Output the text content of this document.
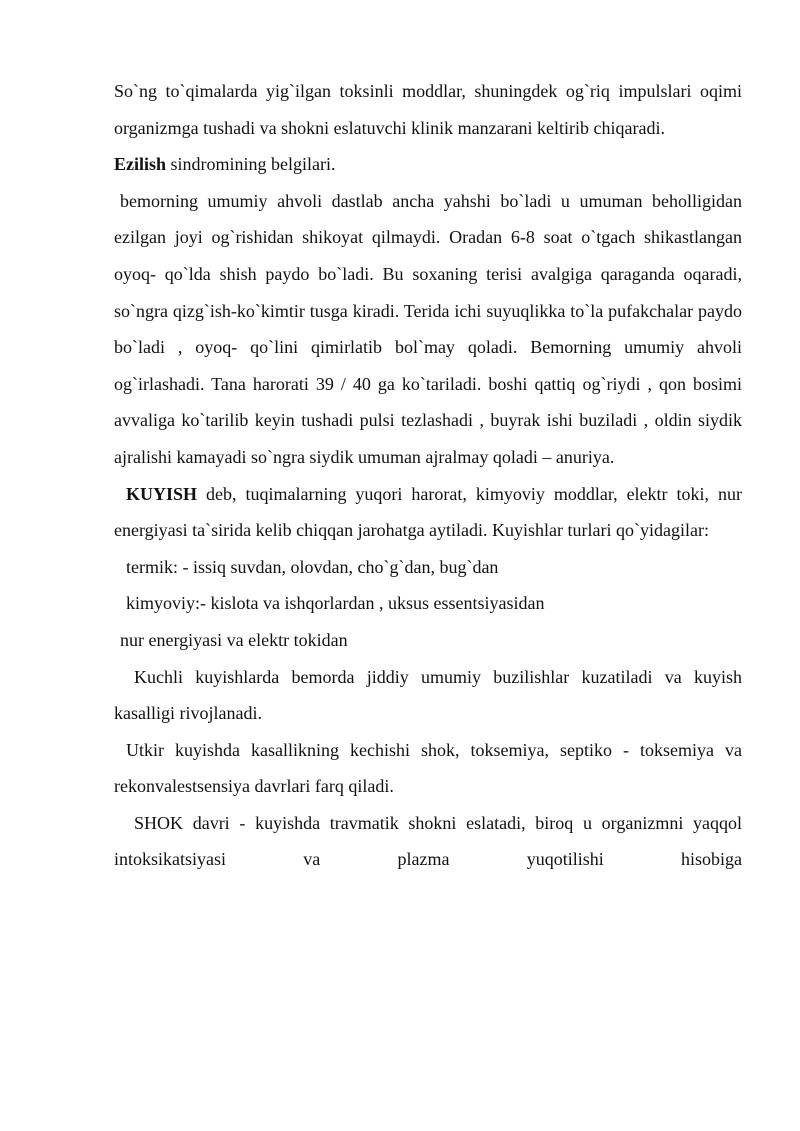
So`ng to`qimalarda yig`ilgan toksinli moddlar, shuningdek og`riq impulslari oqimi organizmga tushadi va shokni eslatuvchi klinik manzarani keltirib chiqaradi.

Ezilish sindromining belgilari.

bemorning umumiy ahvoli dastlab ancha yahshi bo`ladi u umuman beholligidan ezilgan joyi og`rishidan shikoyat qilmaydi. Oradan 6-8 soat o`tgach shikastlangan oyoq- qo`lda shish paydo bo`ladi. Bu soxaning terisi avalgiga qaraganda oqaradi, so`ngra qizg`ish-ko`kimtir tusga kiradi. Terida ichi suyuqlikka to`la pufakchalar paydo bo`ladi , oyoq- qo`lini qimirlatib bol`may qoladi. Bemorning umumiy ahvoli og`irlashadi. Tana harorati 39 / 40 ga ko`tariladi. boshi qattiq og`riydi , qon bosimi avvaliga ko`tarilib keyin tushadi pulsi tezlashadi , buyrak ishi buziladi , oldin siydik ajralishi kamayadi so`ngra siydik umuman ajralmay qoladi – anuriya.

KUYISH deb, tuqimalarning yuqori harorat, kimyoviy moddlar, elektr toki, nur energiyasi ta`sirida kelib chiqqan jarohatga aytiladi. Kuyishlar turlari qo`yidagilar:

termik: - issiq suvdan, olovdan, cho`g`dan, bug`dan

kimyoviy:- kislota va ishqorlardan , uksus essentsiyasidan

nur energiyasi va elektr tokidan

Kuchli kuyishlarda bemorda jiddiy umumiy buzilishlar kuzatiladi va kuyish kasalligi rivojlanadi.

Utkir kuyishda kasallikning kechishi shok, toksemiya, septiko - toksemiya va rekonvalestsensiya davrlari farq qiladi.

SHOK davri - kuyishda travmatik shokni eslatadi, biroq u organizmni yaqqol intoksikatsiyasi va plazma yuqotilishi hisobiga
